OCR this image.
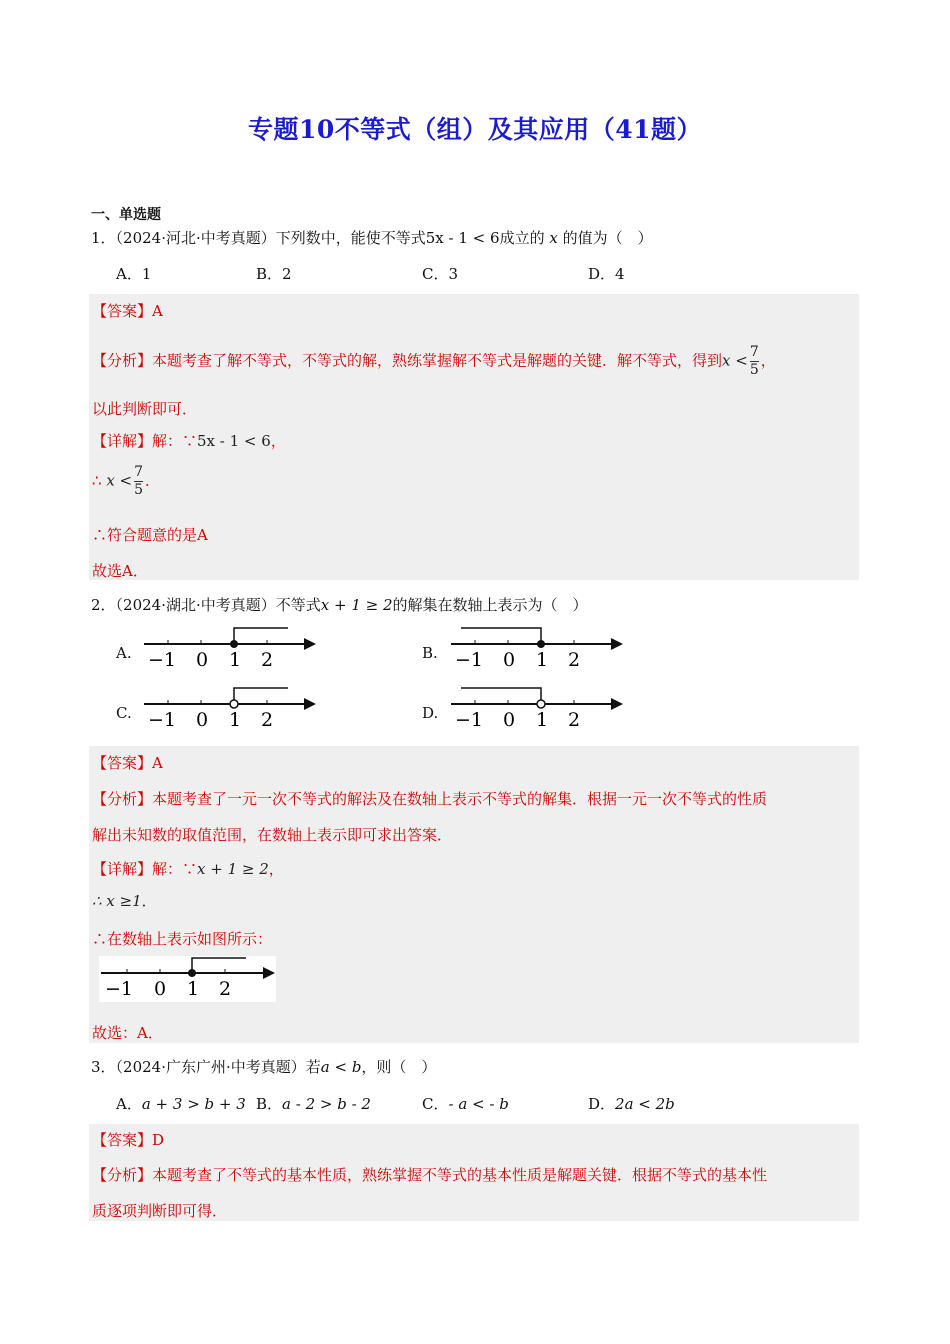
专题10不等式（组）及其应用（41题）
一、单选题
1．（2024·河北·中考真题）下列数中，能使不等式5x - 1 < 6成立的 x 的值为（　）
A．1	B．2	C．3	D．4
【答案】A
【分析】本题考查了解不等式，不等式的解，熟练掌握解不等式是解题的关键．解不等式，得到$x < \frac{7}{5}$ ，
以此判断即可．
【详解】解：∵5x - 1 < 6，
∴ $x < \frac{7}{5}$ ．
∴符合题意的是A
故选A．
2．（2024·湖北·中考真题）不等式x + 1 ≥ 2的解集在数轴上表示为（　）
A. −1 0 1 2	B. −1 0 1 2
C. −1 0 1 2	D. −1 0 1 2
【答案】A
【分析】本题考查了一元一次不等式的解法及在数轴上表示不等式的解集．根据一元一次不等式的性质
解出未知数的取值范围，在数轴上表示即可求出答案．
【详解】解：∵x + 1 ≥ 2，
∴ x ≥1．
∴在数轴上表示如图所示：
−1 0 1 2
故选：A．
3．（2024·广东广州·中考真题）若a < b，则（　）
A．a + 3 > b + 3 B．a - 2 > b - 2	C．- a < - b	D．2a < 2b
【答案】D
【分析】本题考查了不等式的基本性质，熟练掌握不等式的基本性质是解题关键．根据不等式的基本性
质逐项判断即可得．
